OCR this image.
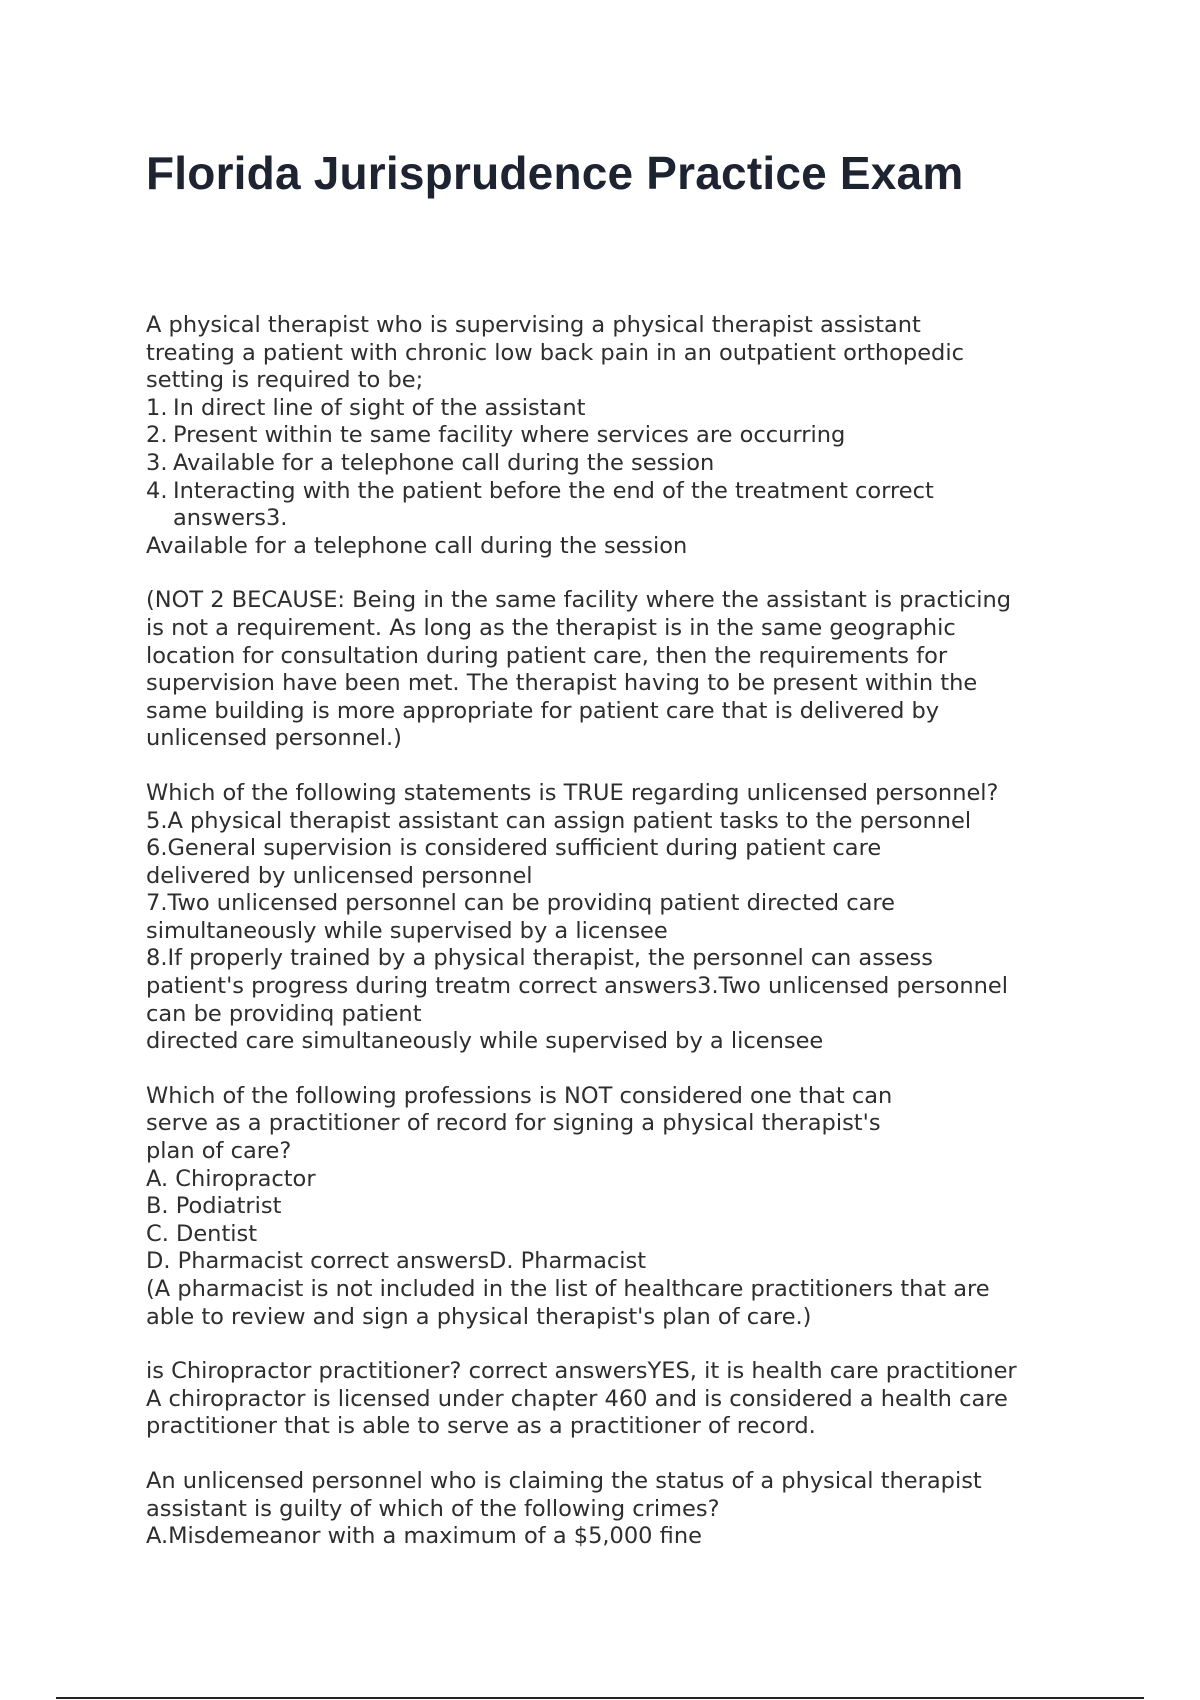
Florida Jurisprudence Practice Exam
A physical therapist who is supervising a physical therapist assistant
treating a patient with chronic low back pain in an outpatient orthopedic
setting is required to be;
1. In direct line of sight of the assistant
2. Present within te same facility where services are occurring
3. Available for a telephone call during the session
4. Interacting with the patient before the end of the treatment correct answers3.
Available for a telephone call during the session
(NOT 2 BECAUSE: Being in the same facility where the assistant is practicing
is not a requirement. As long as the therapist is in the same geographic
location for consultation during patient care, then the requirements for
supervision have been met. The therapist having to be present within the
same building is more appropriate for patient care that is delivered by
unlicensed personnel.)
Which of the following statements is TRUE regarding unlicensed personnel?
5.A physical therapist assistant can assign patient tasks to the personnel
6.General supervision is considered sufficient during patient care
delivered by unlicensed personnel
7.Two unlicensed personnel can be providinq patient directed care
simultaneously while supervised by a licensee
8.If properly trained by a physical therapist, the personnel can assess
patient's progress during treatm correct answers3.Two unlicensed personnel
can be providinq patient
directed care simultaneously while supervised by a licensee
Which of the following professions is NOT considered one that can
serve as a practitioner of record for signing a physical therapist's
plan of care?
A. Chiropractor
B. Podiatrist
C. Dentist
D. Pharmacist correct answersD. Pharmacist
(A pharmacist is not included in the list of healthcare practitioners that are
able to review and sign a physical therapist's plan of care.)
is Chiropractor practitioner? correct answersYES, it is health care practitioner
A chiropractor is licensed under chapter 460 and is considered a health care
practitioner that is able to serve as a practitioner of record.
An unlicensed personnel who is claiming the status of a physical therapist
assistant is guilty of which of the following crimes?
A.Misdemeanor with a maximum of a $5,000 fine
